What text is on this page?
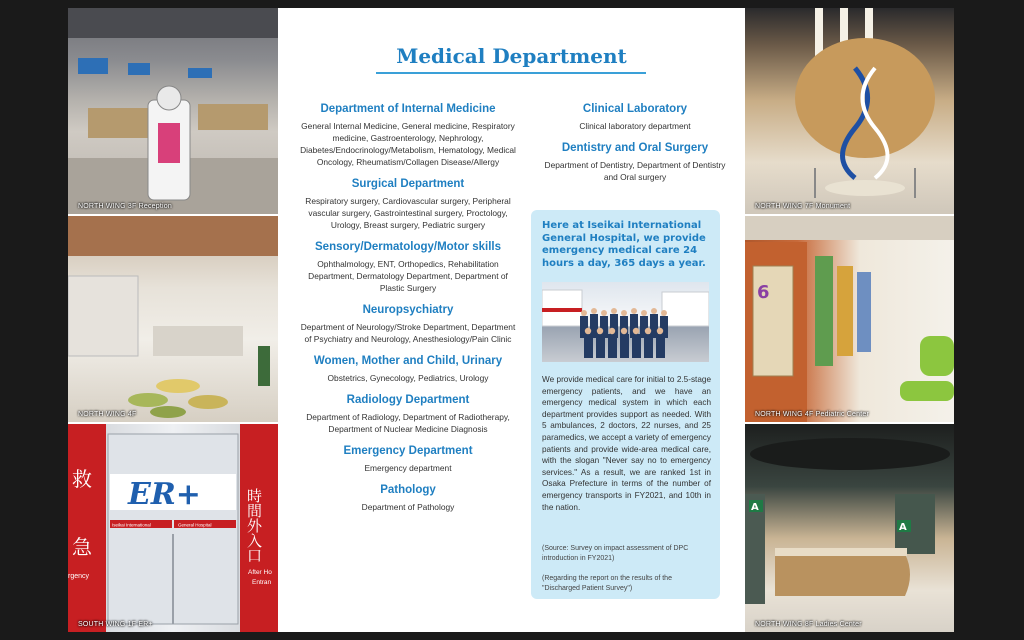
NORTH WING 3F Reception
NORTH WING 4F
ER+
Iseikai International	General Hospital
救
急
rgency
時間外入口
After Ho
Entran
SOUTH WING 1F ER+
NORTH WING 7F Monument
6
NORTH WING 4F Pediatric Center
A
A
NORTH WING 8F Ladies Center
Medical Department
Department of Internal Medicine

General Internal Medicine, General medicine, Respiratory medicine, Gastroenterology, Nephrology, Diabetes/Endocrinology/Metabolism, Hematology, Medical Oncology, Rheumatism/Collagen Disease/Allergy

Surgical Department

Respiratory surgery, Cardiovascular surgery, Peripheral vascular surgery, Gastrointestinal surgery, Proctology, Urology, Breast surgery, Pediatric surgery

Sensory/Dermatology/Motor skills

Ophthalmology, ENT, Orthopedics, Rehabilitation Department, Dermatology Department, Department of Plastic Surgery

Neuropsychiatry

Department of Neurology/Stroke Department, Department of Psychiatry and Neurology, Anesthesiology/Pain Clinic

Women, Mother and Child, Urinary

Obstetrics, Gynecology, Pediatrics, Urology

Radiology Department

Department of Radiology, Department of Radiotherapy, Department of Nuclear Medicine Diagnosis

Emergency Department

Emergency department

Pathology

Department of Pathology

Clinical Laboratory

Clinical laboratory department

Dentistry and Oral Surgery

Department of Dentistry, Department of Dentistry and Oral surgery

Here at Iseikai International General Hospital, we provide emergency medical care 24 hours a day, 365 days a year.
We provide medical care for initial to 2.5-stage emergency patients, and we have an emergency medical system in which each department provides support as needed. With 5 ambulances, 2 doctors, 22 nurses, and 25 paramedics, we accept a variety of emergency patients and provide wide-area medical care, with the slogan "Never say no to emergency services." As a result, we are ranked 1st in Osaka Prefecture in terms of the number of emergency transports in FY2021, and 10th in the nation.
(Source: Survey on impact assessment of DPC introduction in FY2021)
(Regarding the report on the results of the "Discharged Patient Survey")
